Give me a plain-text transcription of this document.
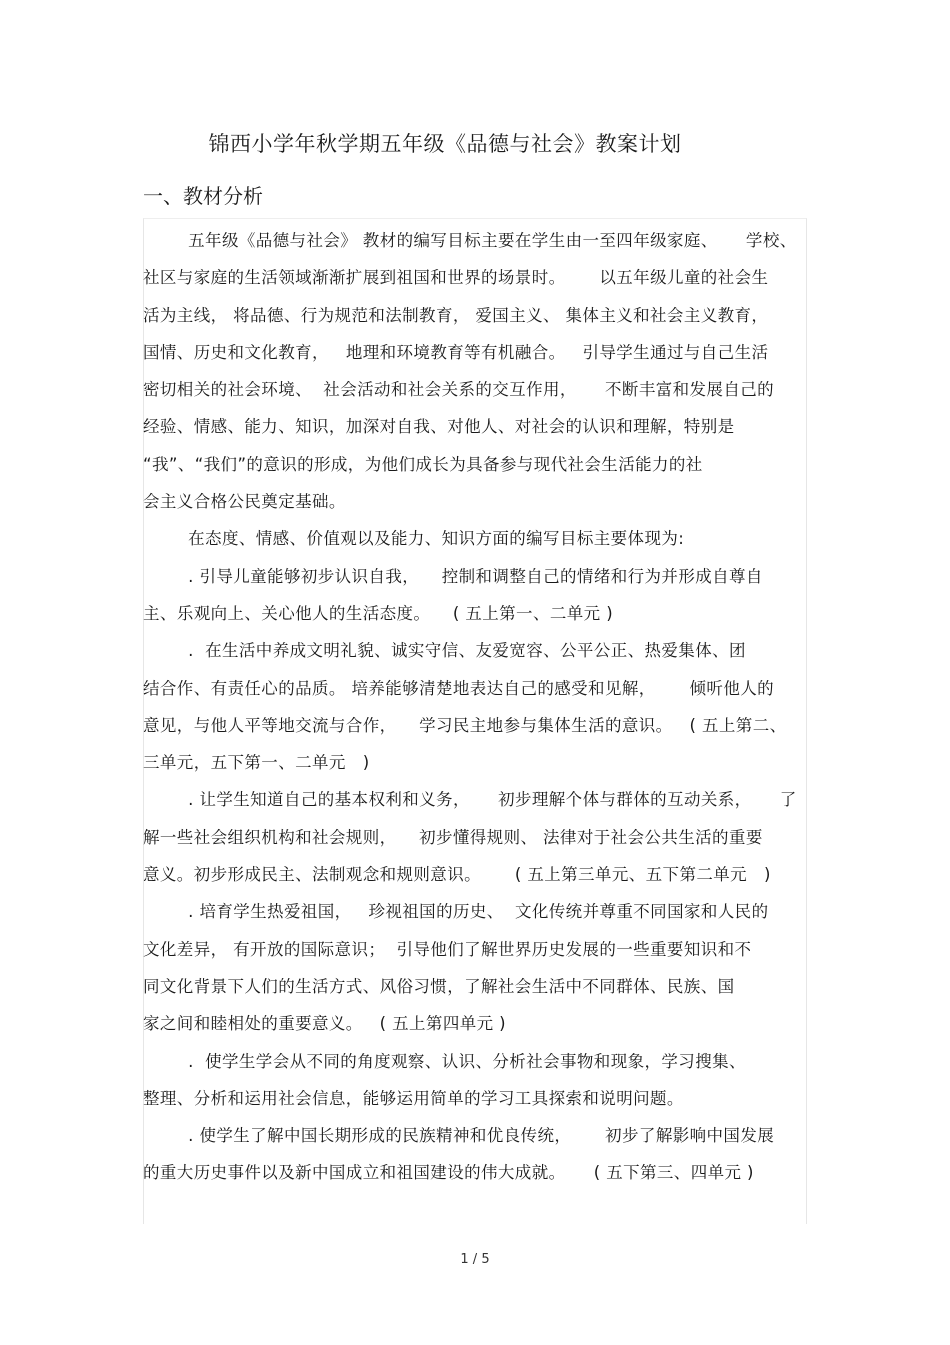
锦西小学年秋学期五年级《品德与社会》教案计划
一、教材分析
五年级《品德与社会》 教材的编写目标主要在学生由一至四年级家庭、     学校、
社区与家庭的生活领域渐渐扩展到祖国和世界的场景时。      以五年级儿童的社会生
活为主线， 将品德、行为规范和法制教育， 爱国主义、 集体主义和社会主义教育，
国情、历史和文化教育，   地理和环境教育等有机融合。   引导学生通过与自己生活
密切相关的社会环境、  社会活动和社会关系的交互作用，     不断丰富和发展自己的
经验、情感、能力、知识，加深对自我、对他人、对社会的认识和理解，特别是
“我”、“我们”的意识的形成，为他们成长为具备参与现代社会生活能力的社
会主义合格公民奠定基础。
在态度、情感、价值观以及能力、知识方面的编写目标主要体现为:
. 引导儿童能够初步认识自我，    控制和调整自己的情绪和行为并形成自尊自
主、乐观向上、关心他人的生活态度。    ( 五上第一、二单元 )
.  在生活中养成文明礼貌、诚实守信、友爱宽容、公平公正、热爱集体、团
结合作、有责任心的品质。 培养能够清楚地表达自己的感受和见解，      倾听他人的
意见，与他人平等地交流与合作，    学习民主地参与集体生活的意识。   ( 五上第二、
三单元，五下第一、二单元   )
. 让学生知道自己的基本权利和义务，     初步理解个体与群体的互动关系，     了
解一些社会组织机构和社会规则，    初步懂得规则、 法律对于社会公共生活的重要
意义。初步形成民主、法制观念和规则意识。      ( 五上第三单元、五下第二单元   )
. 培育学生热爱祖国，   珍视祖国的历史、  文化传统并尊重不同国家和人民的
文化差异， 有开放的国际意识；  引导他们了解世界历史发展的一些重要知识和不
同文化背景下人们的生活方式、风俗习惯，了解社会生活中不同群体、民族、国
家之间和睦相处的重要意义。   ( 五上第四单元 )
.  使学生学会从不同的角度观察、认识、分析社会事物和现象，学习搜集、
整理、分析和运用社会信息，能够运用简单的学习工具探索和说明问题。
. 使学生了解中国长期形成的民族精神和优良传统，      初步了解影响中国发展
的重大历史事件以及新中国成立和祖国建设的伟大成就。     ( 五下第三、四单元 )
1 / 5
